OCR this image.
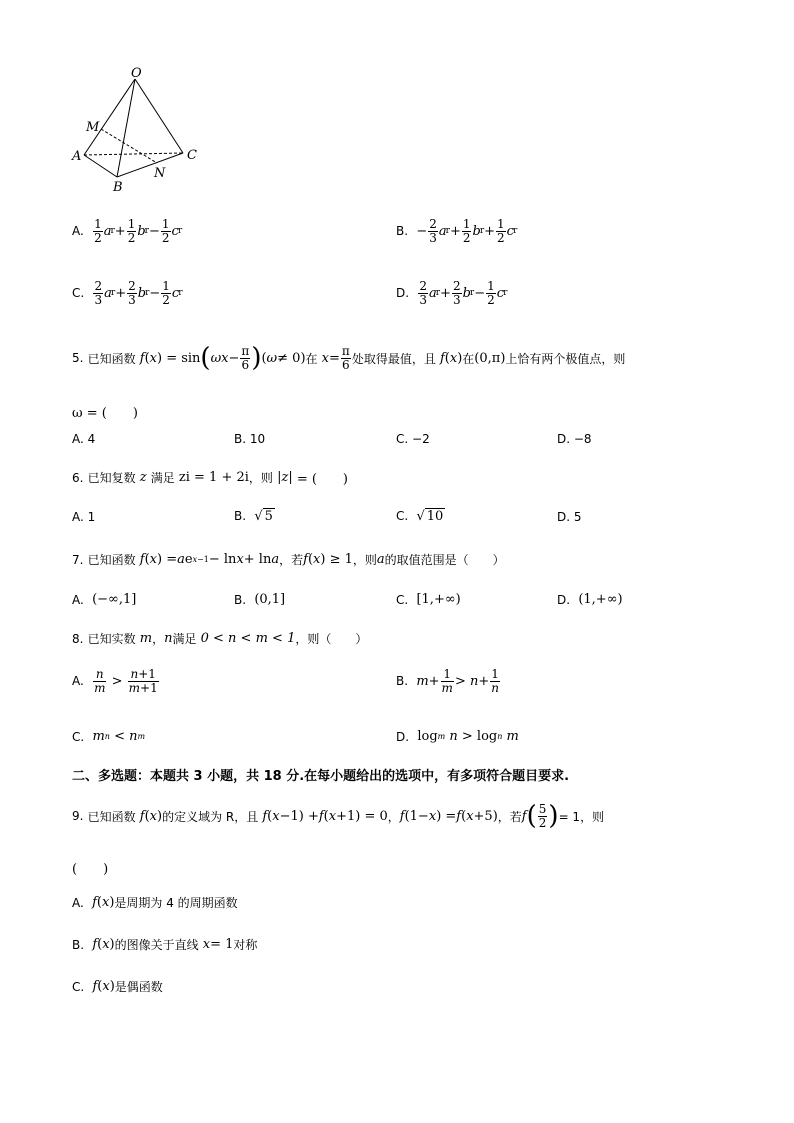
O
M
A	C
N
B
A.
$\frac{1}{2}$ a $r + \frac{1}{2}$ b $r - \frac{1}{2}$ c r	B.
− $\frac{2}{3}$ a $r + \frac{1}{2}$ b $r + \frac{1}{2}$ c r
C.
$\frac{2}{3}$ a $r + \frac{2}{3}$ b $r - \frac{1}{2}$ c r	D.
$\frac{2}{3}$ a $r + \frac{2}{3}$ b $r - \frac{1}{2}$ c r
5.
已知函数 f ( x ) = sin ( $\omega x - \frac{\pi}{6}$ ) ( ω ≠ 0) 在 $x = \frac{\pi}{6}$ 处取得最值，且 f ( x ) 在 (0,π) 上恰有两个极值点，则
ω = (　　)
A. 4	B. 10	C. −2	D. −8
6.
已知复数 z 满足
zi = 1 + 2i ，则 | z | = (　　)
A. 1	B.
√ 5	C.
√ 10	D. 5
7.
已知函数 f ( x ) = a e x−1 − ln x + ln a ，若 f ( x ) ≥ 1 ，则 a 的取值范围是（　　）
A.
(−∞,1]	B.
(0,1]	C.
[1,+∞)	D.
(1,+∞)
8.
已知实数 m ， n 满足
0 < n < m < 1 ，则（　　）
A.
$\frac{n}{m} > \frac{n+1}{m+1}$	B.
$m + \frac{1}{m} > n + \frac{1}{n}$
C.
m n < n m	D.
log m n > log n m
二、多选题：本题共 3 小题，共 18 分.在每小题给出的选项中，有多项符合题目要求.
9.
已知函数 f ( x ) 的定义域为 R，且 f ( x −1) + f ( x +1) = 0 ， f (1− x ) = f ( x +5) ，若 f ( $\frac{5}{2}$ ) = 1，则
(　　)
A.
f ( x ) 是周期为 4 的周期函数
B.
f ( x ) 的图像关于直线 x = 1 对称
C.
f ( x ) 是偶函数
